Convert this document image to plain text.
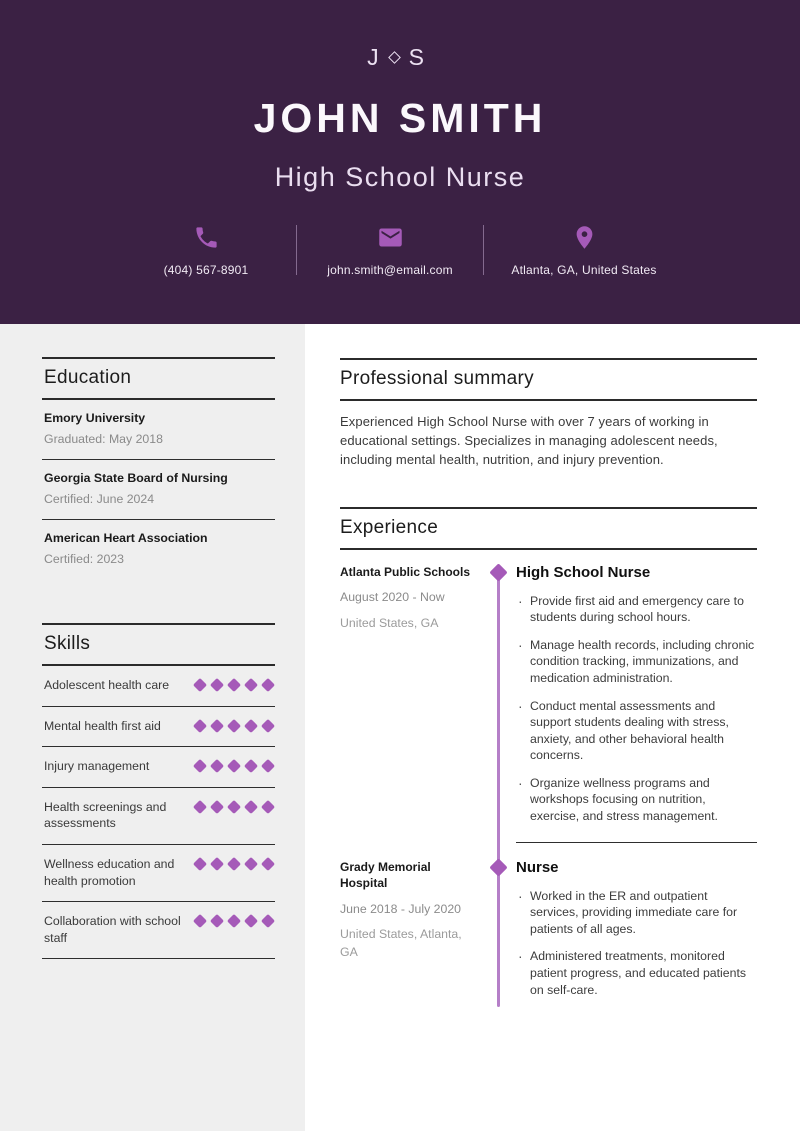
J S
JOHN SMITH
High School Nurse
(404) 567-8901	john.smith@email.com	Atlanta, GA, United States
Education
Emory University
Graduated: May 2018
Georgia State Board of Nursing
Certified: June 2024
American Heart Association
Certified: 2023
Skills
Adolescent health care
Mental health first aid
Injury management
Health screenings and assessments
Wellness education and health promotion
Collaboration with school staff
Professional summary

Experienced High School Nurse with over 7 years of working in educational settings. Specializes in managing adolescent needs, including mental health, nutrition, and injury prevention.

Experience
Atlanta Public Schools
August 2020 - Now
United States, GA
High School Nurse
· Provide first aid and emergency care to students during school hours.
· Manage health records, including chronic condition tracking, immunizations, and medication administration.
· Conduct mental assessments and support students dealing with stress, anxiety, and other behavioral health concerns.
· Organize wellness programs and workshops focusing on nutrition, exercise, and stress management.
Grady Memorial Hospital
June 2018 - July 2020
United States, Atlanta, GA
Nurse
· Worked in the ER and outpatient services, providing immediate care for patients of all ages.
· Administered treatments, monitored patient progress, and educated patients on self-care.
